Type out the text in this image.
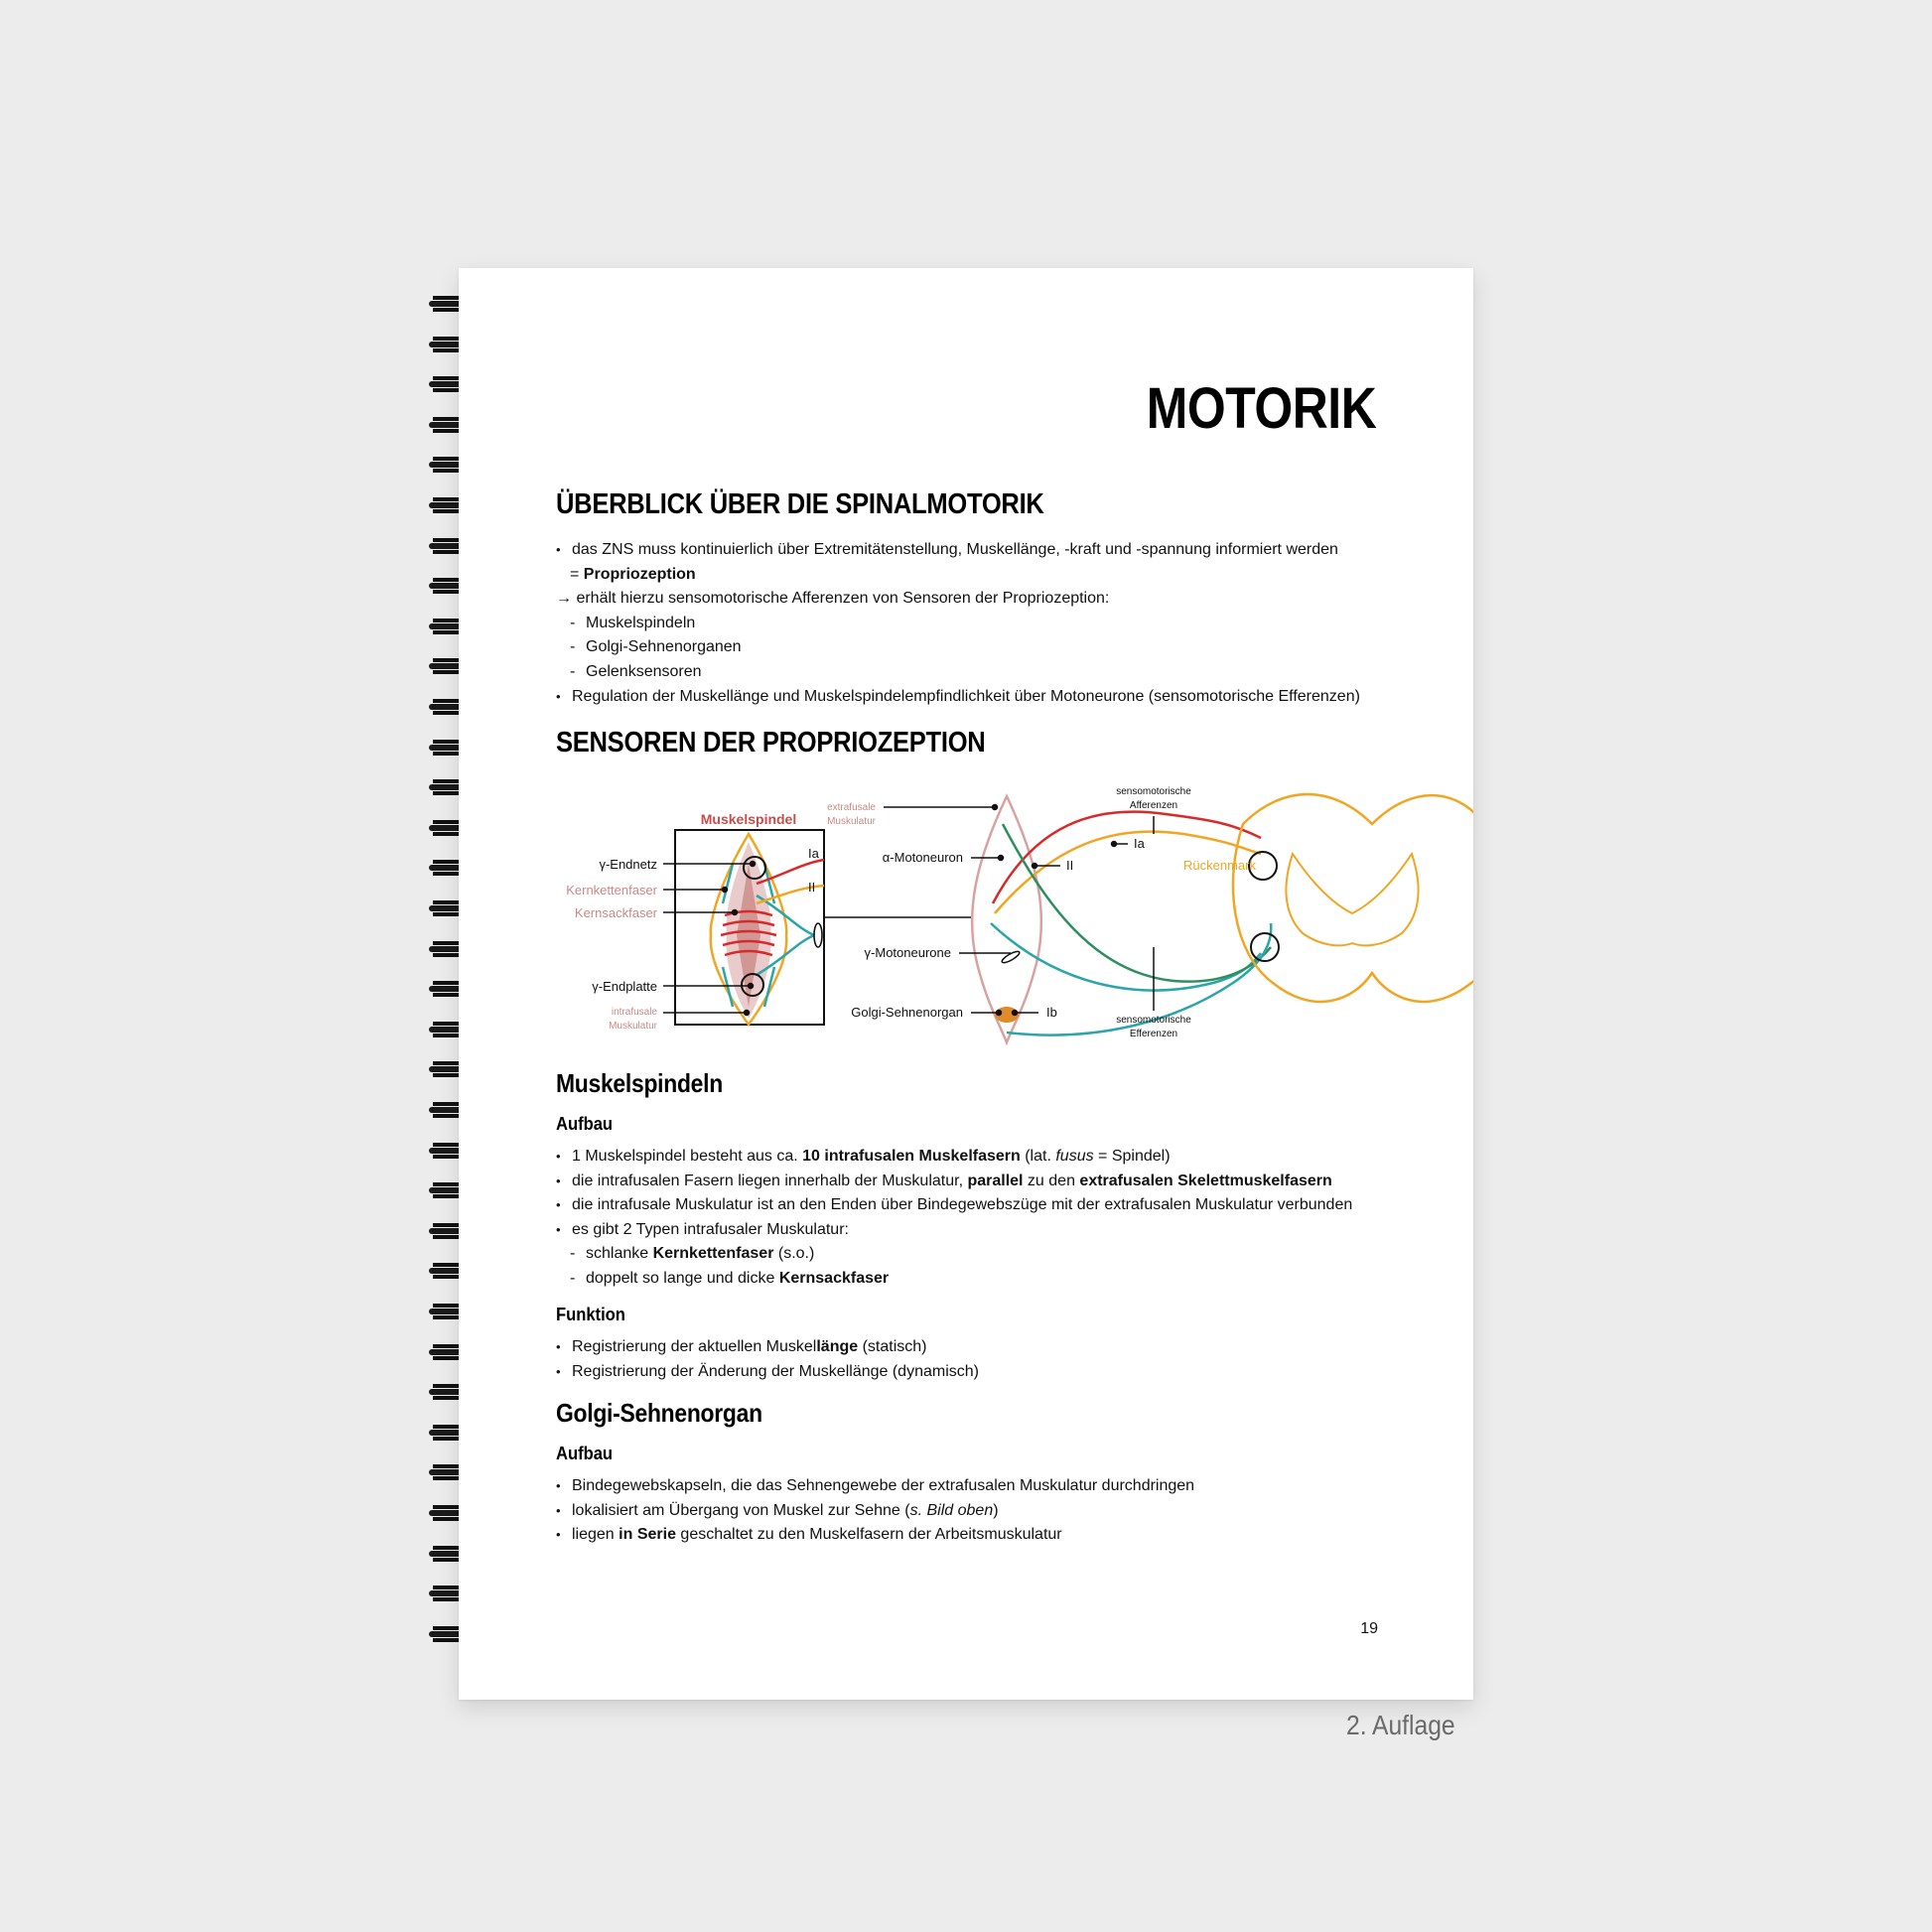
MOTORIK
ÜBERBLICK ÜBER DIE SPINALMOTORIK
• das ZNS muss kontinuierlich über Extremitätenstellung, Muskellänge, -kraft und -spannung informiert werden
= Propriozeption
→ erhält hierzu sensomotorische Afferenzen von Sensoren der Propriozeption:
- Muskelspindeln
- Golgi-Sehnenorganen
- Gelenksensoren
• Regulation der Muskellänge und Muskelspindelempfindlichkeit über Motoneurone (sensomotorische Efferenzen)
SENSOREN DER PROPRIOZEPTION
Muskelspindel
γ-Endnetz
Kernkettenfaser
Kernsackfaser
γ-Endplatte
intrafusale
Muskulatur
Ia
II
extrafusale
Muskulatur
α-Motoneuron
II
γ-Motoneurone
Golgi-Sehnenorgan	Ib
sensomotorische
Afferenzen
Ia
Rückenmark
sensomotorische
Efferenzen
Muskelspindeln
Aufbau
• 1 Muskelspindel besteht aus ca. 10 intrafusalen Muskelfasern (lat. fusus = Spindel)
• die intrafusalen Fasern liegen innerhalb der Muskulatur, parallel zu den extrafusalen Skelettmuskelfasern
• die intrafusale Muskulatur ist an den Enden über Bindegewebszüge mit der extrafusalen Muskulatur verbunden
• es gibt 2 Typen intrafusaler Muskulatur:
- schlanke Kernkettenfaser (s.o.)
- doppelt so lange und dicke Kernsackfaser
Funktion
• Registrierung der aktuellen Muskellänge (statisch)
• Registrierung der Änderung der Muskellänge (dynamisch)
Golgi-Sehnenorgan
Aufbau
• Bindegewebskapseln, die das Sehnengewebe der extrafusalen Muskulatur durchdringen
• lokalisiert am Übergang von Muskel zur Sehne (s. Bild oben)
• liegen in Serie geschaltet zu den Muskelfasern der Arbeitsmuskulatur
19
2. Auflage
